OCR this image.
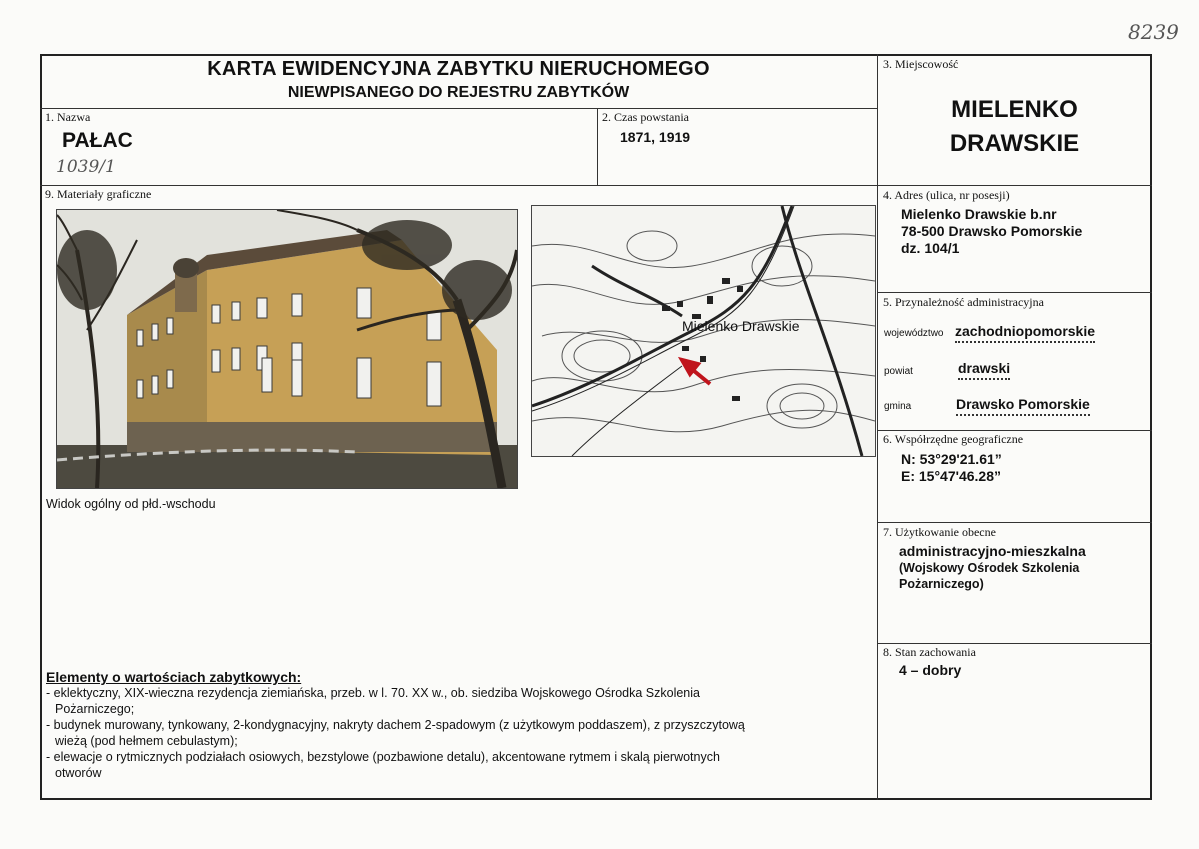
8239
KARTA EWIDENCYJNA ZABYTKU NIERUCHOMEGO
NIEWPISANEGO DO REJESTRU ZABYTKÓW
1. Nazwa
PAŁAC
1039/1
2. Czas powstania
1871, 1919
3. Miejscowość
MIELENKO
DRAWSKIE
4. Adres (ulica, nr posesji)
Mielenko Drawskie b.nr
78-500 Drawsko Pomorskie
dz. 104/1
5. Przynależność administracyjna
województwo zachodniopomorskie
powiat	drawski
gmina	Drawsko Pomorskie
6. Współrzędne geograficzne
N: 53°29'21.61”
E: 15°47'46.28”
7. Użytkowanie obecne
administracyjno-mieszkalna
(Wojskowy Ośrodek Szkolenia
Pożarniczego)
8. Stan zachowania
4 – dobry
9. Materiały graficzne
Mielenko Drawskie
Widok ogólny od płd.-wschodu
Elementy o wartościach zabytkowych:
- eklektyczny, XIX-wieczna rezydencja ziemiańska, przeb. w l. 70. XX w., ob. siedziba Wojskowego Ośrodka Szkolenia
Pożarniczego;
- budynek murowany, tynkowany, 2-kondygnacyjny, nakryty dachem 2-spadowym (z użytkowym poddaszem), z przyszczytową
wieżą (pod hełmem cebulastym);
- elewacje o rytmicznych podziałach osiowych, bezstylowe (pozbawione detalu), akcentowane rytmem i skalą pierwotnych
otworów
